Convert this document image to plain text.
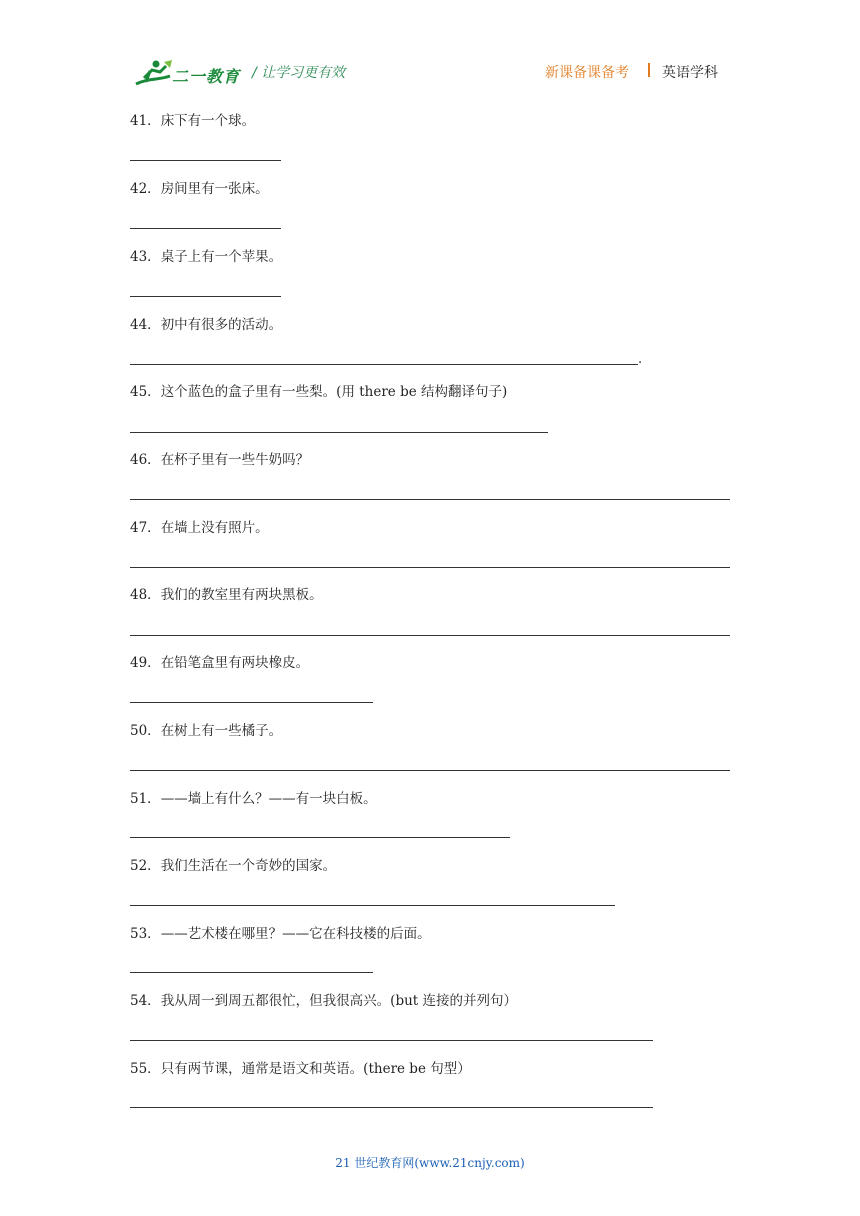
二一教育 / 让学习更有效	新课备课备考 英语学科
41．床下有一个球。
42．房间里有一张床。
43．桌子上有一个苹果。
44．初中有很多的活动。
.
45．这个蓝色的盒子里有一些梨。(用 there be 结构翻译句子)
46．在杯子里有一些牛奶吗？
47．在墙上没有照片。
48．我们的教室里有两块黑板。
49．在铅笔盒里有两块橡皮。
50．在树上有一些橘子。
51．——墙上有什么？——有一块白板。
52．我们生活在一个奇妙的国家。
53．——艺术楼在哪里？——它在科技楼的后面。
54．我从周一到周五都很忙，但我很高兴。(but 连接的并列句）
55．只有两节课，通常是语文和英语。(there be 句型）
21 世纪教育网(www.21cnjy.com)
